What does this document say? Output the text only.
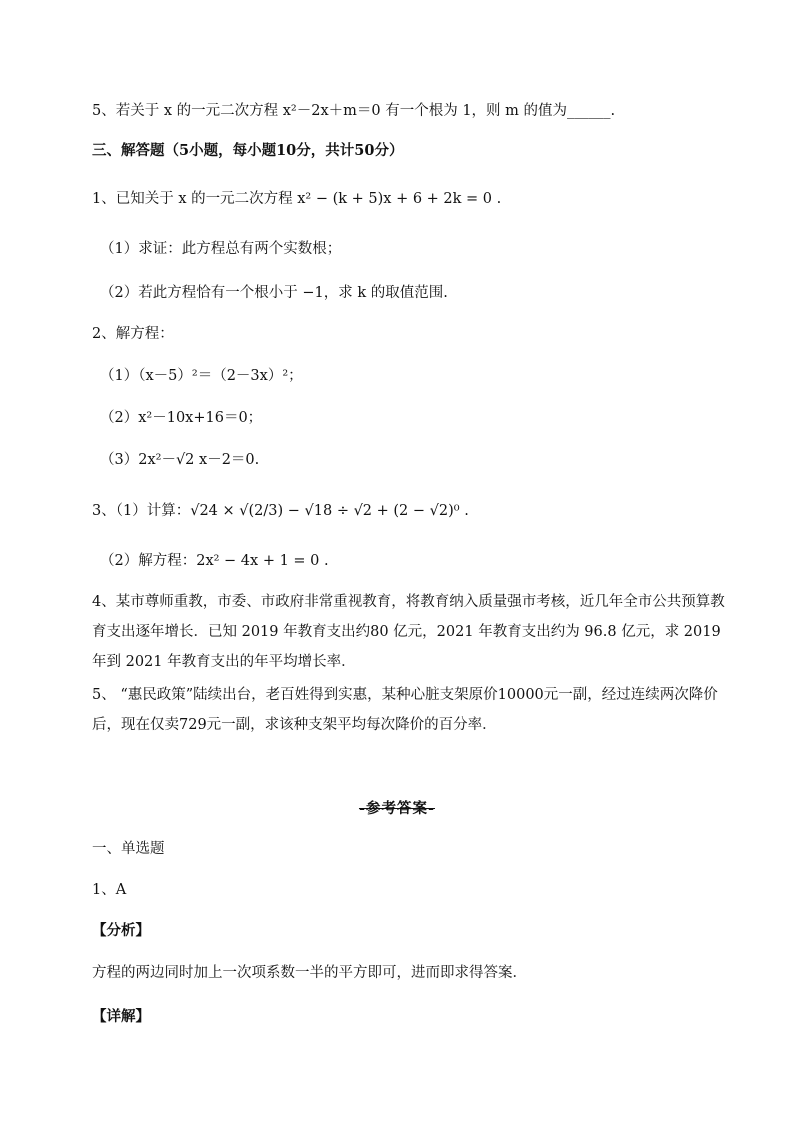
5、若关于 x 的一元二次方程 x²－2x＋m＝0 有一个根为 1，则 m 的值为______.
三、解答题（5小题，每小题10分，共计50分）
1、已知关于 x 的一元二次方程 x² − (k + 5)x + 6 + 2k = 0 .
（1）求证：此方程总有两个实数根；
（2）若此方程恰有一个根小于 −1，求 k 的取值范围.
2、解方程：
（1）（x－5）²＝（2－3x）²；
（2）x²－10x+16＝0；
（3）2x²－√2 x－2＝0.
3、（1）计算：√24 × √(2/3) − √18 ÷ √2 + (2 − √2)⁰ .
（2）解方程：2x² − 4x + 1 = 0 .
4、某市尊师重教，市委、市政府非常重视教育，将教育纳入质量强市考核，近几年全市公共预算教育支出逐年增长．已知 2019 年教育支出约80 亿元，2021 年教育支出约为 96.8 亿元，求 2019 年到 2021 年教育支出的年平均增长率．
5、 “惠民政策”陆续出台，老百姓得到实惠，某种心脏支架原价10000元一副，经过连续两次降价后，现在仅卖729元一副，求该种支架平均每次降价的百分率．
-参考答案-
一、单选题
1、A
【分析】
方程的两边同时加上一次项系数一半的平方即可，进而即求得答案．
【详解】
